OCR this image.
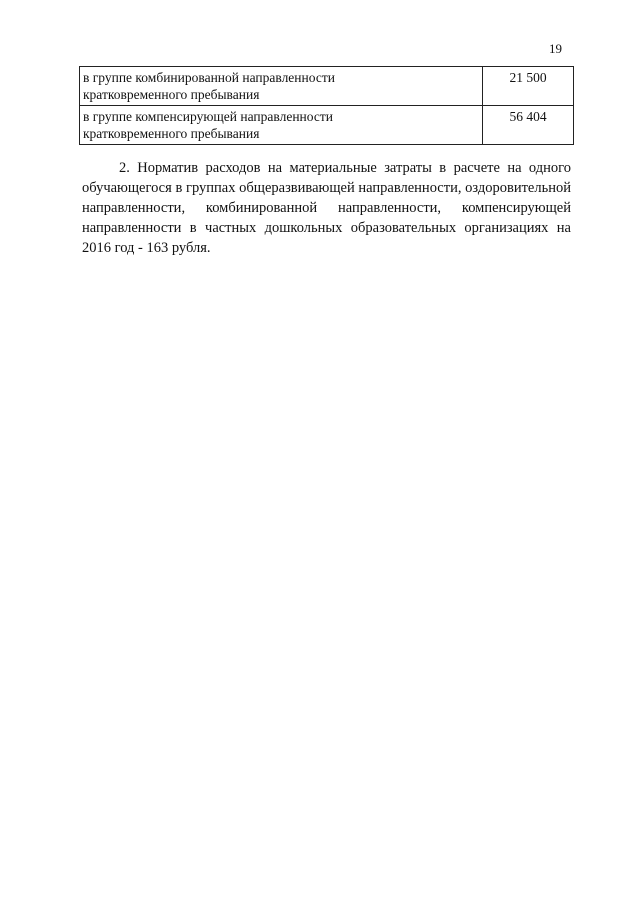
19
в группе комбинированной направленности
кратковременного пребывания	21 500

в группе компенсирующей направленности
кратковременного пребывания	56 404

2. Норматив расходов на материальные затраты в расчете на одного обучающегося в группах общеразвивающей направленности, оздоровительной направленности, комбинированной направленности, компенсирующей направленности в частных дошкольных образовательных организациях на 2016 год - 163 рубля.
